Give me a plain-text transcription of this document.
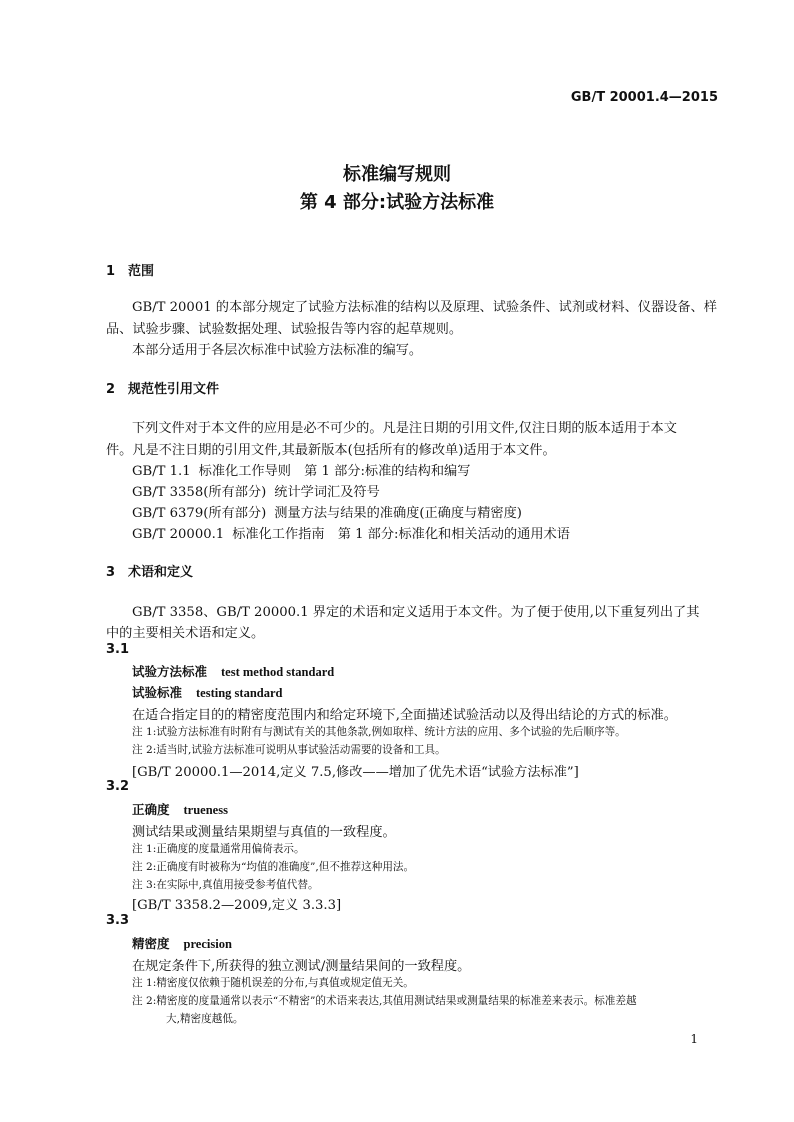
GB/T 20001.4—2015
标准编写规则
第 4 部分:试验方法标准
1 范围
GB/T 20001 的本部分规定了试验方法标准的结构以及原理、试验条件、试剂或材料、仪器设备、样
品、试验步骤、试验数据处理、试验报告等内容的起草规则。
本部分适用于各层次标准中试验方法标准的编写。
2 规范性引用文件
下列文件对于本文件的应用是必不可少的。凡是注日期的引用文件,仅注日期的版本适用于本文
件。凡是不注日期的引用文件,其最新版本(包括所有的修改单)适用于本文件。
GB/T 1.1 标准化工作导则　第 1 部分:标准的结构和编写
GB/T 3358(所有部分) 统计学词汇及符号
GB/T 6379(所有部分) 测量方法与结果的准确度(正确度与精密度)
GB/T 20000.1 标准化工作指南　第 1 部分:标准化和相关活动的通用术语
3 术语和定义
GB/T 3358、GB/T 20000.1 界定的术语和定义适用于本文件。为了便于使用,以下重复列出了其
中的主要相关术语和定义。
3.1
试验方法标准 test method standard
试验标准 testing standard
在适合指定目的的精密度范围内和给定环境下,全面描述试验活动以及得出结论的方式的标准。
注 1:试验方法标准有时附有与测试有关的其他条款,例如取样、统计方法的应用、多个试验的先后顺序等。
注 2:适当时,试验方法标准可说明从事试验活动需要的设备和工具。
[GB/T 20000.1—2014,定义 7.5,修改——增加了优先术语“试验方法标准”]
3.2
正确度 trueness
测试结果或测量结果期望与真值的一致程度。
注 1:正确度的度量通常用偏倚表示。
注 2:正确度有时被称为“均值的准确度”,但不推荐这种用法。
注 3:在实际中,真值用接受参考值代替。
[GB/T 3358.2—2009,定义 3.3.3]
3.3
精密度 precision
在规定条件下,所获得的独立测试/测量结果间的一致程度。
注 1:精密度仅依赖于随机误差的分布,与真值或规定值无关。
注 2:精密度的度量通常以表示“不精密”的术语来表达,其值用测试结果或测量结果的标准差来表示。标准差越
大,精密度越低。
1
